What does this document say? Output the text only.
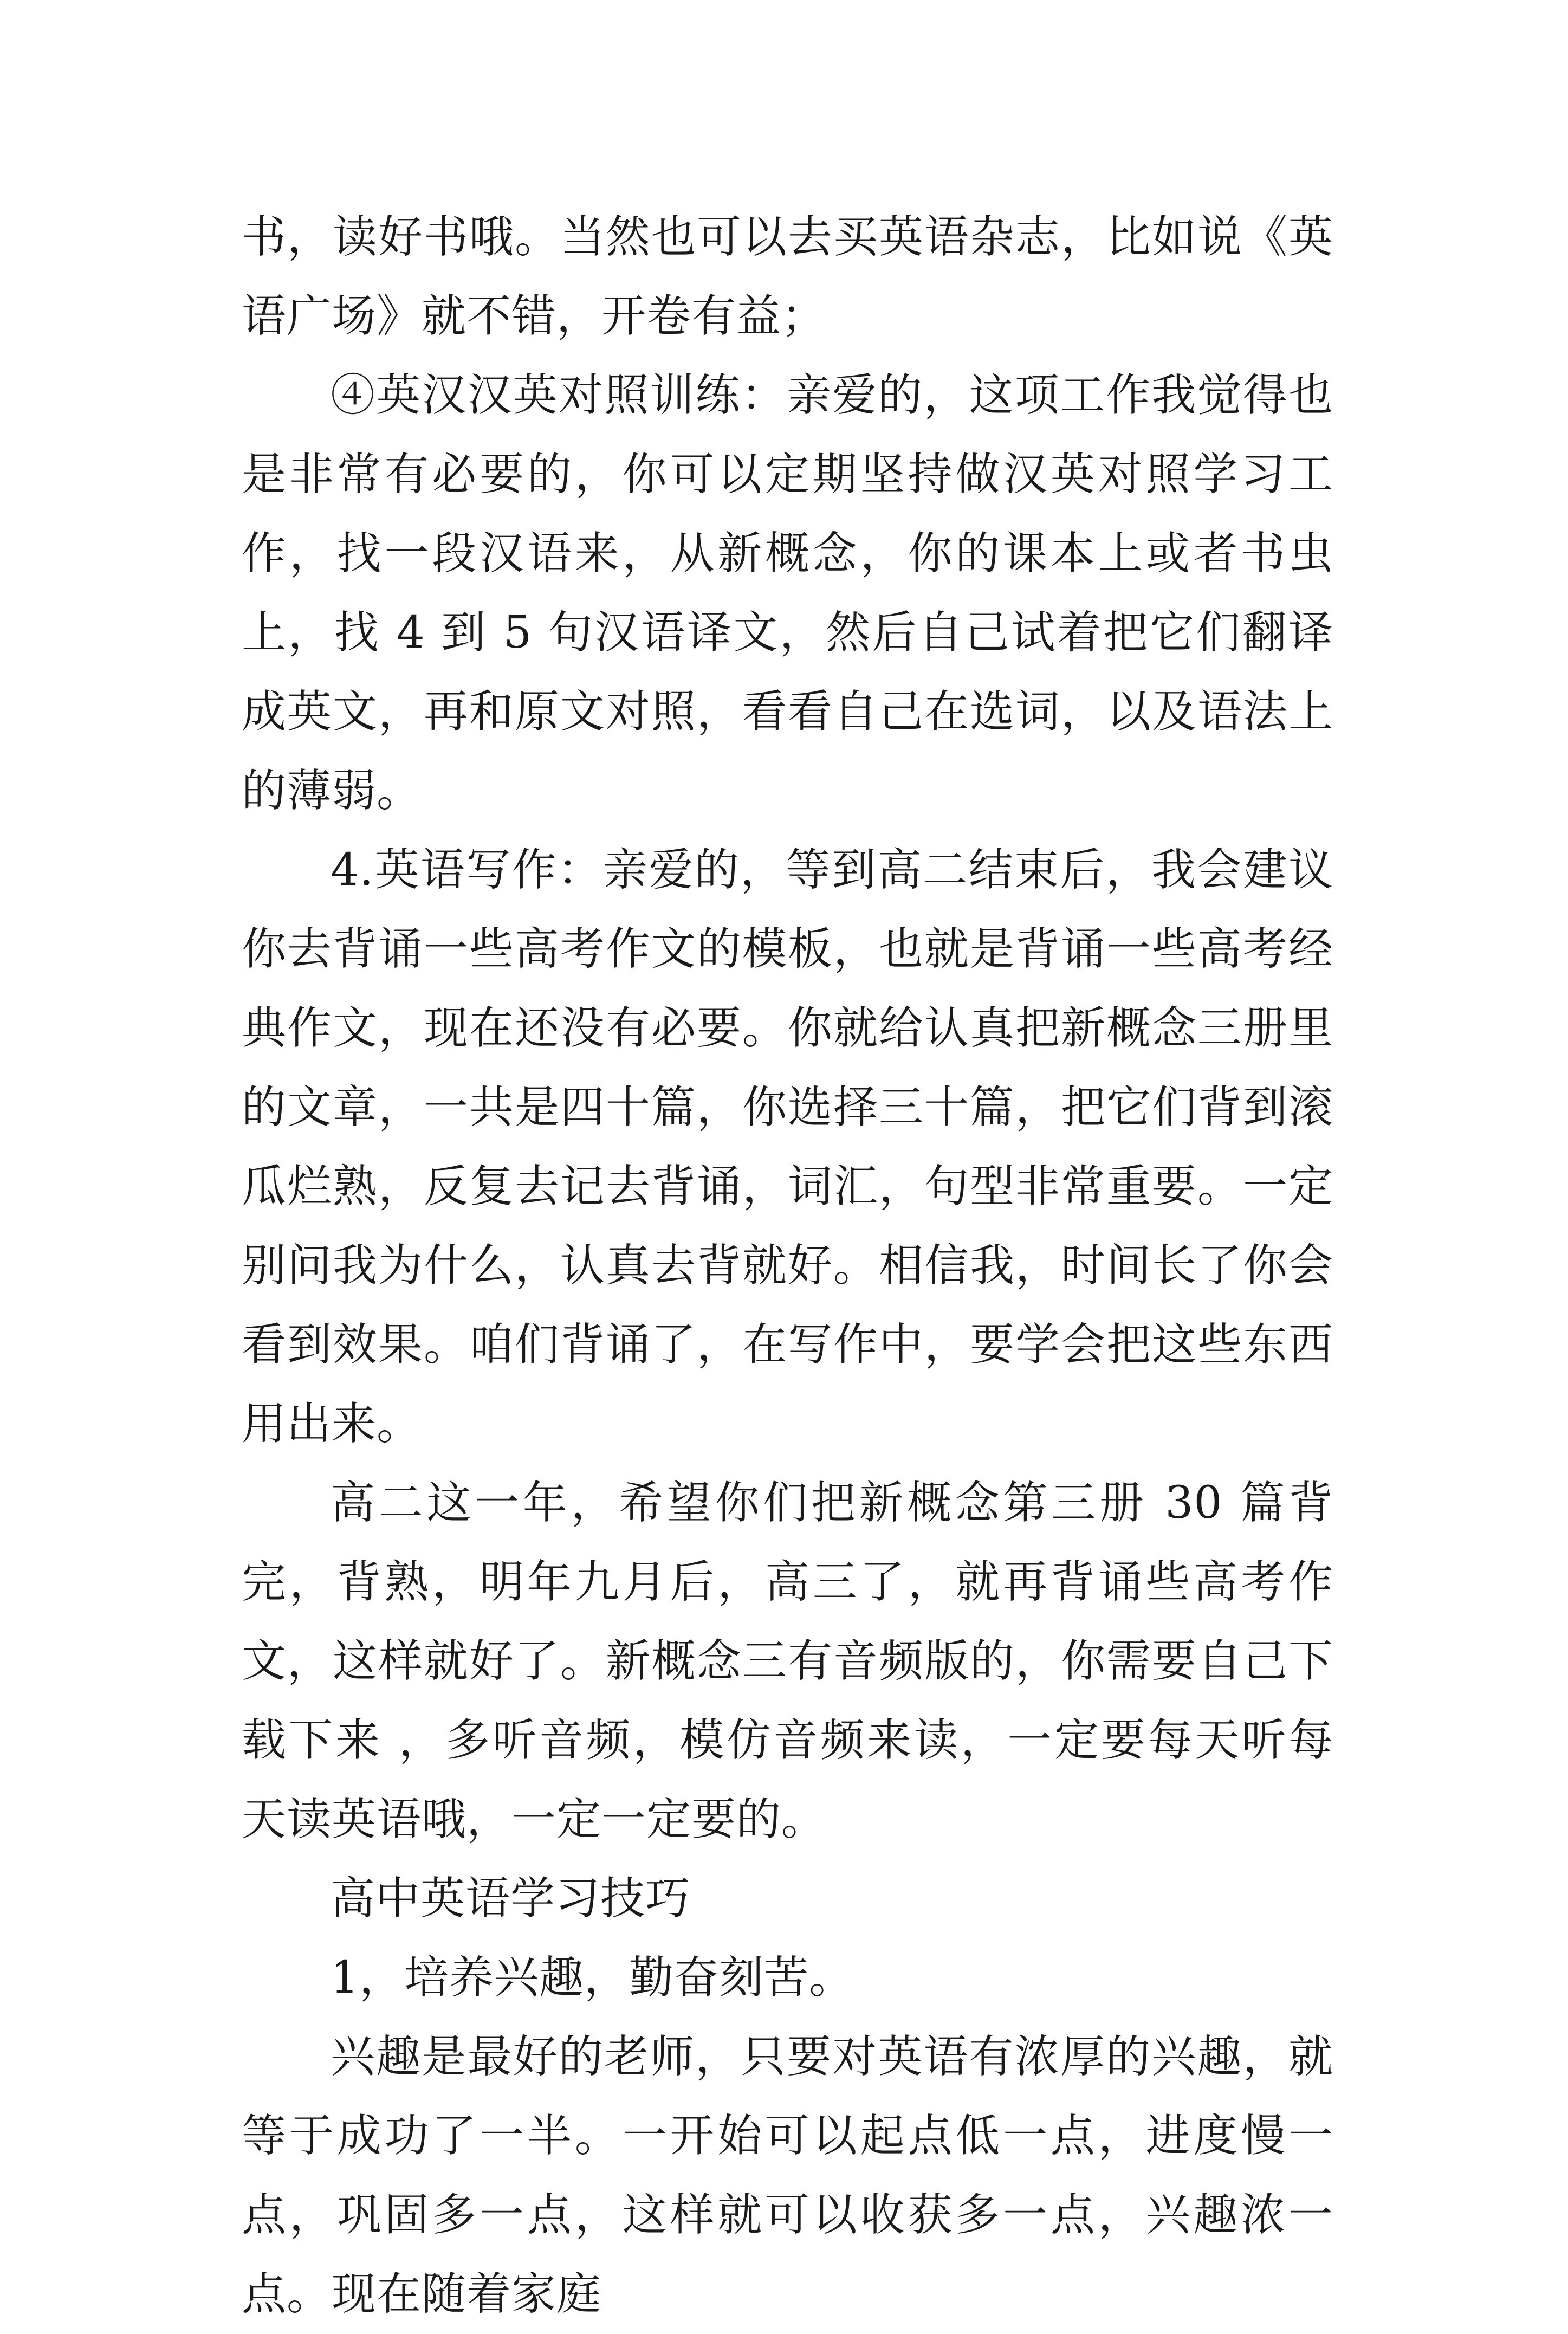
书，读好书哦。当然也可以去买英语杂志，比如说《英语广场》就不错，开卷有益；

④英汉汉英对照训练：亲爱的，这项工作我觉得也是非常有必要的，你可以定期坚持做汉英对照学习工作，找一段汉语来，从新概念，你的课本上或者书虫上，找 4 到 5 句汉语译文，然后自己试着把它们翻译成英文，再和原文对照，看看自己在选词，以及语法上的薄弱。

4.英语写作：亲爱的，等到高二结束后，我会建议你去背诵一些高考作文的模板，也就是背诵一些高考经典作文，现在还没有必要。你就给认真把新概念三册里的文章，一共是四十篇，你选择三十篇，把它们背到滚瓜烂熟，反复去记去背诵，词汇，句型非常重要。一定别问我为什么，认真去背就好。相信我，时间长了你会看到效果。咱们背诵了，在写作中，要学会把这些东西用出来。

高二这一年，希望你们把新概念第三册 30 篇背完，背熟，明年九月后，高三了，就再背诵些高考作文，这样就好了。新概念三有音频版的，你需要自己下载下来 ，多听音频，模仿音频来读，一定要每天听每天读英语哦，一定一定要的。

高中英语学习技巧

1，培养兴趣，勤奋刻苦。

兴趣是最好的老师，只要对英语有浓厚的兴趣，就等于成功了一半。一开始可以起点低一点，进度慢一点，巩固多一点，这样就可以收获多一点，兴趣浓一点。现在随着家庭
